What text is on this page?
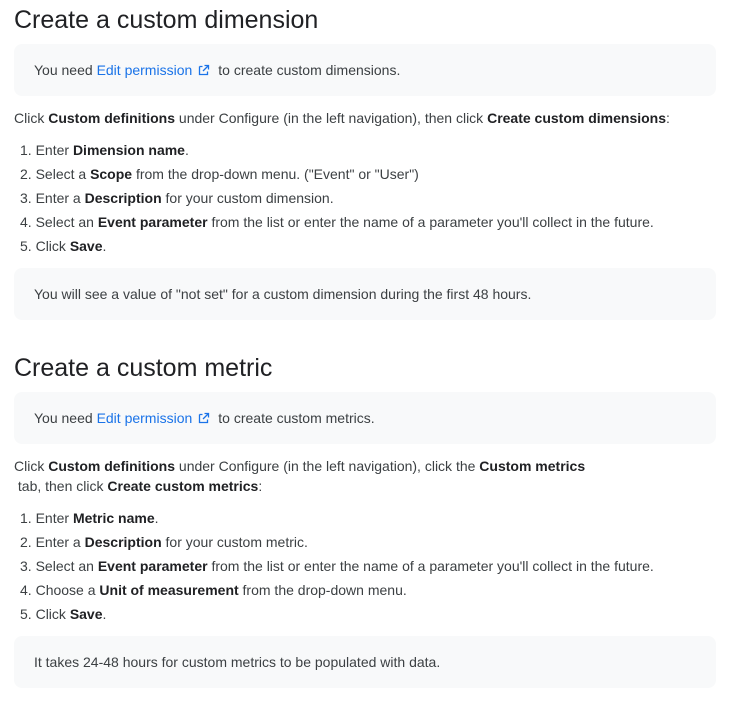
Create a custom dimension
You need Edit permission to create custom dimensions.

Click Custom definitions under Configure (in the left navigation), then click Create custom dimensions:

1. Enter Dimension name.
2. Select a Scope from the drop-down menu. ("Event" or "User")
3. Enter a Description for your custom dimension.
4. Select an Event parameter from the list or enter the name of a parameter you'll collect in the future.
5. Click Save.
You will see a value of "not set" for a custom dimension during the first 48 hours.
Create a custom metric
You need Edit permission to create custom metrics.

Click Custom definitions under Configure (in the left navigation), click the Custom metrics tab, then click Create custom metrics:

1. Enter Metric name.
2. Enter a Description for your custom metric.
3. Select an Event parameter from the list or enter the name of a parameter you'll collect in the future.
4. Choose a Unit of measurement from the drop-down menu.
5. Click Save.
It takes 24-48 hours for custom metrics to be populated with data.
